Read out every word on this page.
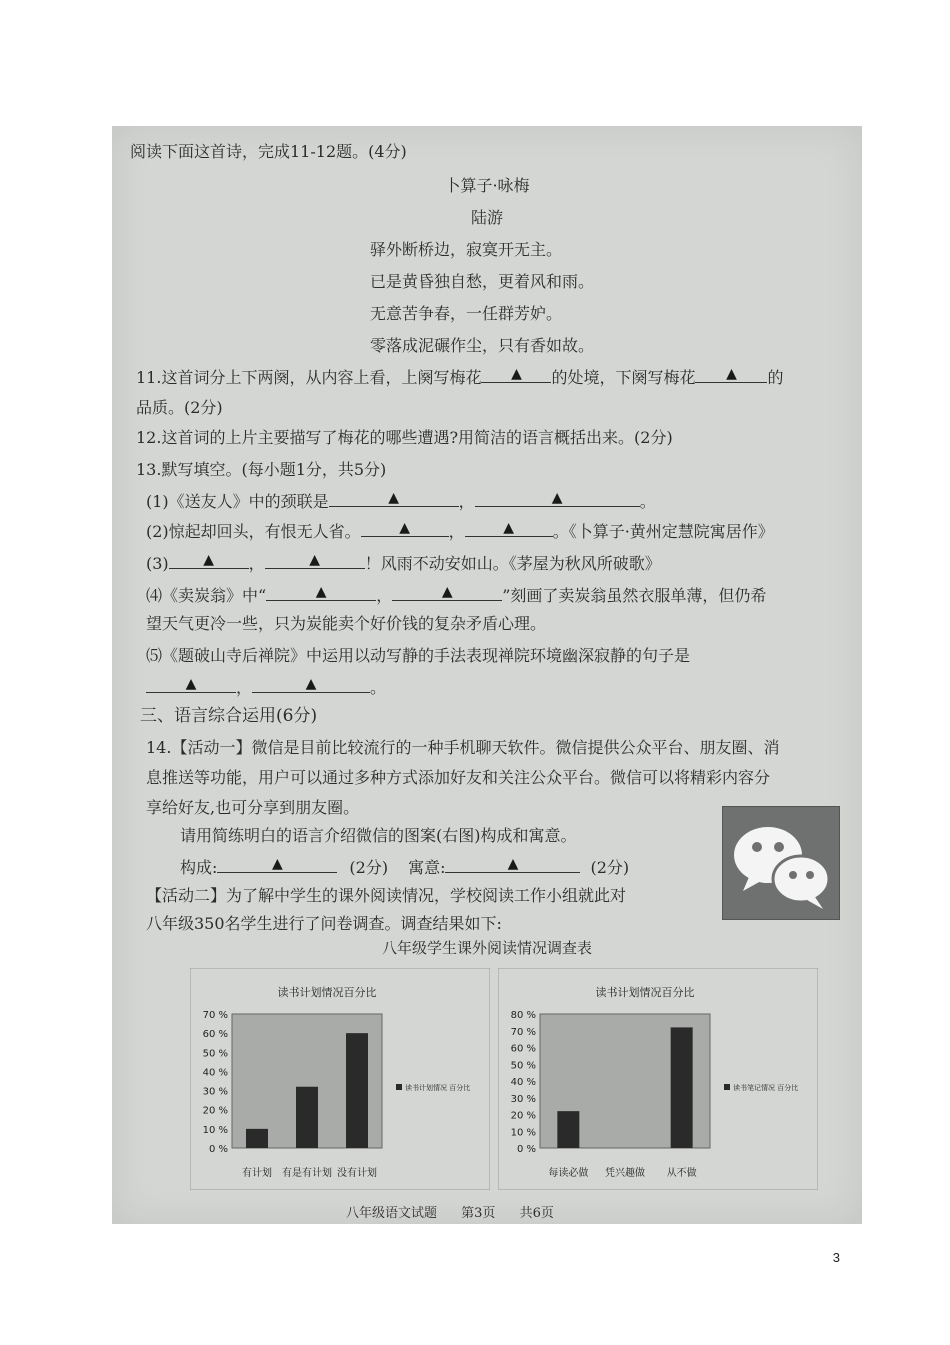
阅读下面这首诗，完成11-12题。(4分)
卜算子·咏梅
陆游
驿外断桥边，寂寞开无主。
已是黄昏独自愁，更着风和雨。
无意苦争春，一任群芳妒。
零落成泥碾作尘，只有香如故。
11.这首词分上下两阕，从内容上看，上阕写梅花 ▲	的处境，下阕写梅花 ▲	的
品质。(2分)
12.这首词的上片主要描写了梅花的哪些遭遇?用简洁的语言概括出来。(2分)
13.默写填空。(每小题1分，共5分)
(1)《送友人》中的颈联是 ▲	， ▲	。
(2)惊起却回头，有恨无人省。 ▲	， ▲	。《卜算子·黄州定慧院寓居作》
(3) ▲	， ▲	！风雨不动安如山。《茅屋为秋风所破歌》
⑷《卖炭翁》中“ ▲	， ▲	”刻画了卖炭翁虽然衣服单薄，但仍希
望天气更冷一些，只为炭能卖个好价钱的复杂矛盾心理。
⑸《题破山寺后禅院》中运用以动写静的手法表现禅院环境幽深寂静的句子是
▲， ▲	。
三、语言综合运用(6分)
14.【活动一】微信是目前比较流行的一种手机聊天软件。微信提供公众平台、朋友圈、消
息推送等功能，用户可以通过多种方式添加好友和关注公众平台。微信可以将精彩内容分
享给好友,也可分享到朋友圈。
请用简练明白的语言介绍微信的图案(右图)构成和寓意。
构成: ▲	(2分) 寓意: ▲	(2分)
【活动二】为了解中学生的课外阅读情况，学校阅读工作小组就此对
八年级350名学生进行了问卷调查。调查结果如下:
八年级学生课外阅读情况调查表
读书计划情况百分比
70 %
60 %
50 %
40 %
30 %
20 %
10 %
0 %
有计划 有是有计划 没有计划
读书计划情况 百分比
读书计划情况百分比
80 %
70 %
60 %
50 %
40 %
30 %
20 %
10 %
0 %
每读必做 凭兴趣做 从不做
读书笔记情况 百分比
八年级语文试题 第3页 共6页
3
